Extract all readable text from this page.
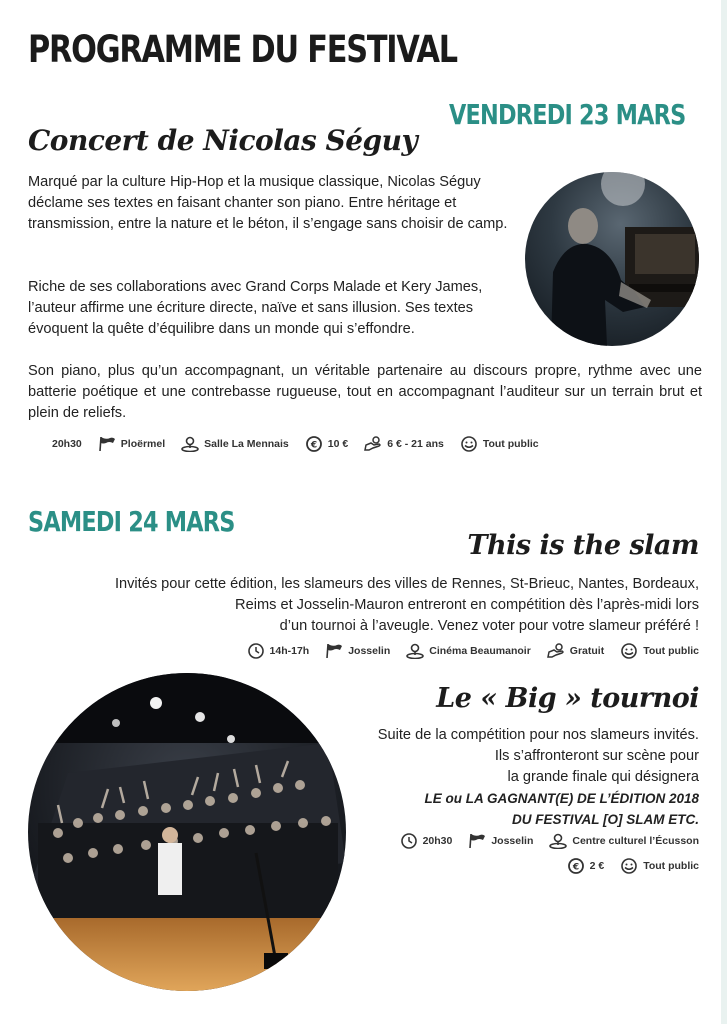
PROGRAMME DU FESTIVAL
VENDREDI 23 MARS
Concert de Nicolas Séguy

Marqué par la culture Hip-Hop et la musique classique, Nicolas Séguy déclame ses textes en faisant chanter son piano. Entre héritage et transmission, entre la nature et le béton, il s’engage sans choisir de camp.

Riche de ses collaborations avec Grand Corps Malade et Kery James, l’auteur affirme une écriture directe, naïve et sans illusion. Ses textes évoquent la quête d’équilibre dans un monde qui s’effondre.

Son piano, plus qu’un accompagnant, un véritable partenaire au discours propre, rythme avec une batterie poétique et une contrebasse rugueuse, tout en accompagnant l’auditeur sur un terrain brut et plein de reliefs.

20h30	Ploërmel	Salle La Mennais € 10 €	6 € - 21 ans	Tout public
SAMEDI 24 MARS
This is the slam

Invités pour cette édition, les slameurs des villes de Rennes, St-Brieuc, Nantes, Bordeaux,

Reims et Josselin-Mauron entreront en compétition dès l’après-midi lors

d’un tournoi à l’aveugle. Venez voter pour votre slameur préféré !

14h-17h	Josselin	Cinéma Beaumanoir	Gratuit	Tout public
Le « Big » tournoi

Suite de la compétition pour nos slameurs invités.

Ils s’affronteront sur scène pour

la grande finale qui désignera

LE ou LA GAGNANT(E) DE L’ÉDITION 2018

DU FESTIVAL [O] SLAM ETC.

20h30	Josselin	Centre culturel l’Écusson
€ 2 €	Tout public
